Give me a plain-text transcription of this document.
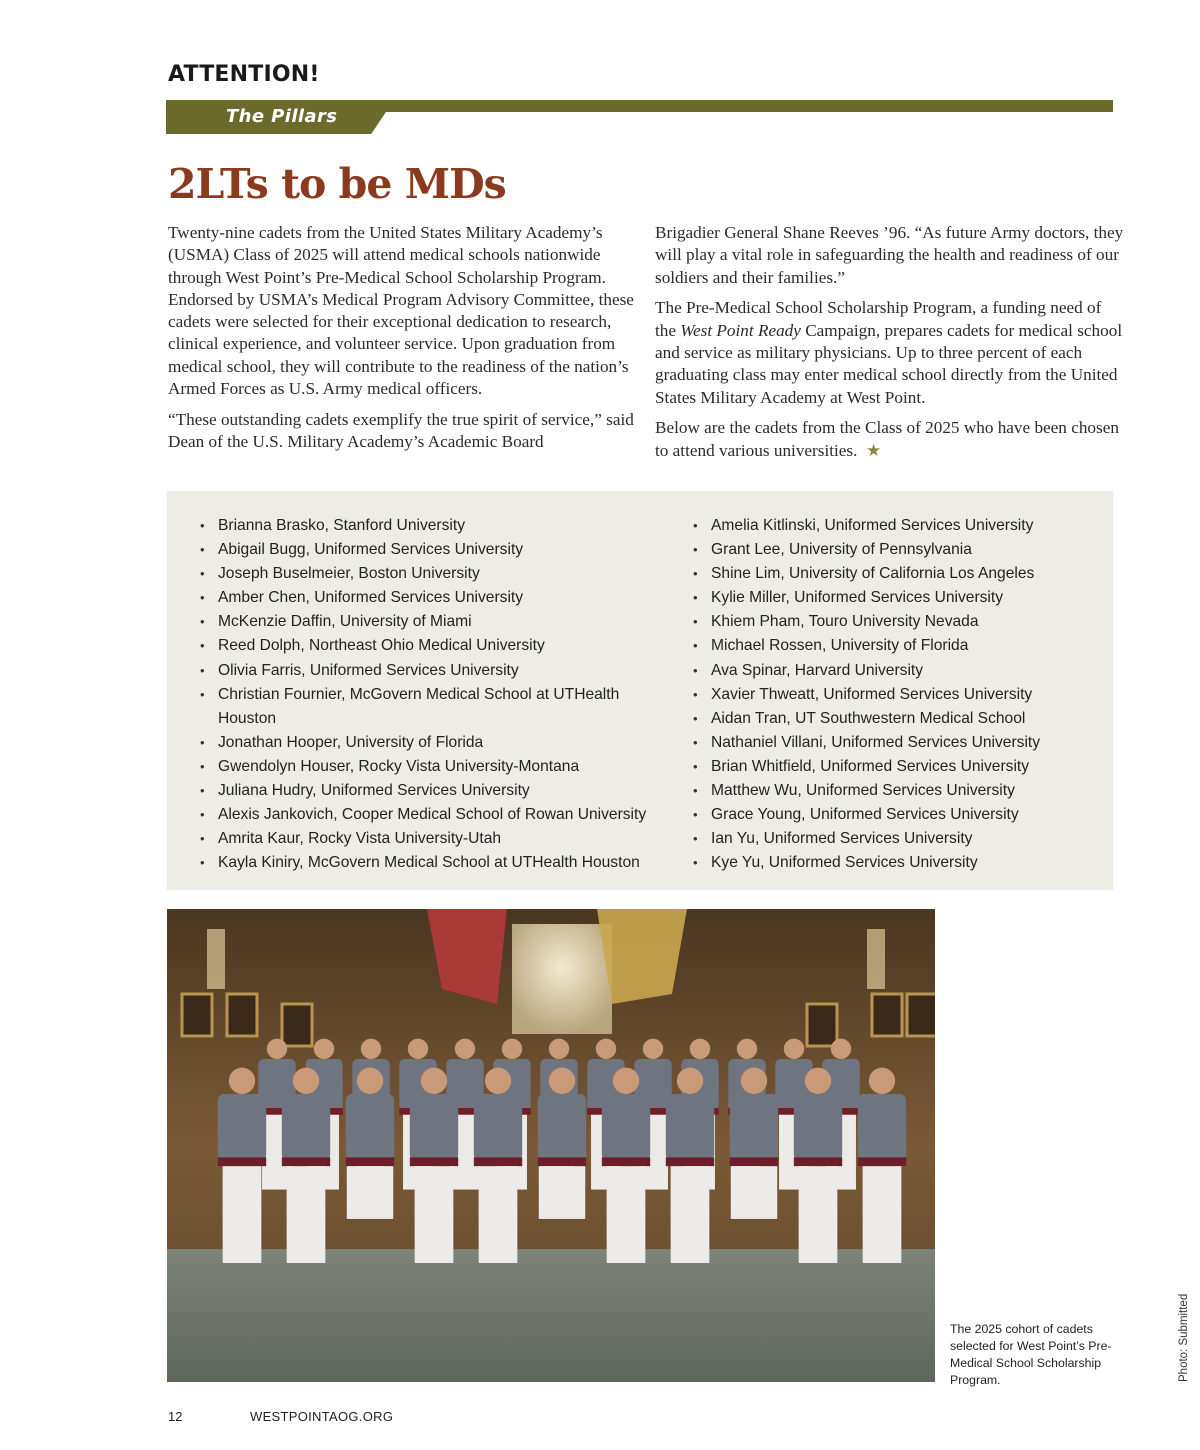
ATTENTION!
The Pillars
2LTs to be MDs

Twenty-nine cadets from the United States Military Academy’s (USMA) Class of 2025 will attend medical schools nationwide through West Point’s Pre-Medical School Scholarship Program. Endorsed by USMA’s Medical Program Advisory Committee, these cadets were selected for their exceptional dedication to research, clinical experience, and volunteer service. Upon graduation from medical school, they will contribute to the readiness of the nation’s Armed Forces as U.S. Army medical officers.

“These outstanding cadets exemplify the true spirit of service,” said Dean of the U.S. Military Academy’s Academic Board

Brigadier General Shane Reeves ’96. “As future Army doctors, they will play a vital role in safeguarding the health and readiness of our soldiers and their families.”

The Pre-Medical School Scholarship Program, a funding need of the West Point Ready Campaign, prepares cadets for medical school and service as military physicians. Up to three percent of each graduating class may enter medical school directly from the United States Military Academy at West Point.

Below are the cadets from the Class of 2025 who have been chosen to attend various universities. ★

• Brianna Brasko, Stanford University
• Abigail Bugg, Uniformed Services University
• Joseph Buselmeier, Boston University
• Amber Chen, Uniformed Services University
• McKenzie Daffin, University of Miami
• Reed Dolph, Northeast Ohio Medical University
• Olivia Farris, Uniformed Services University
• Christian Fournier, McGovern Medical School at UTHealth Houston
• Jonathan Hooper, University of Florida
• Gwendolyn Houser, Rocky Vista University-Montana
• Juliana Hudry, Uniformed Services University
• Alexis Jankovich, Cooper Medical School of Rowan University
• Amrita Kaur, Rocky Vista University-Utah
• Kayla Kiniry, McGovern Medical School at UTHealth Houston
• Amelia Kitlinski, Uniformed Services University
• Grant Lee, University of Pennsylvania
• Shine Lim, University of California Los Angeles
• Kylie Miller, Uniformed Services University
• Khiem Pham, Touro University Nevada
• Michael Rossen, University of Florida
• Ava Spinar, Harvard University
• Xavier Thweatt, Uniformed Services University
• Aidan Tran, UT Southwestern Medical School
• Nathaniel Villani, Uniformed Services University
• Brian Whitfield, Uniformed Services University
• Matthew Wu, Uniformed Services University
• Grace Young, Uniformed Services University
• Ian Yu, Uniformed Services University
• Kye Yu, Uniformed Services University
The 2025 cohort of cadets selected for West Point’s Pre-Medical School Scholarship Program.	Photo: Submitted
12	WESTPOINTAOG.ORG
